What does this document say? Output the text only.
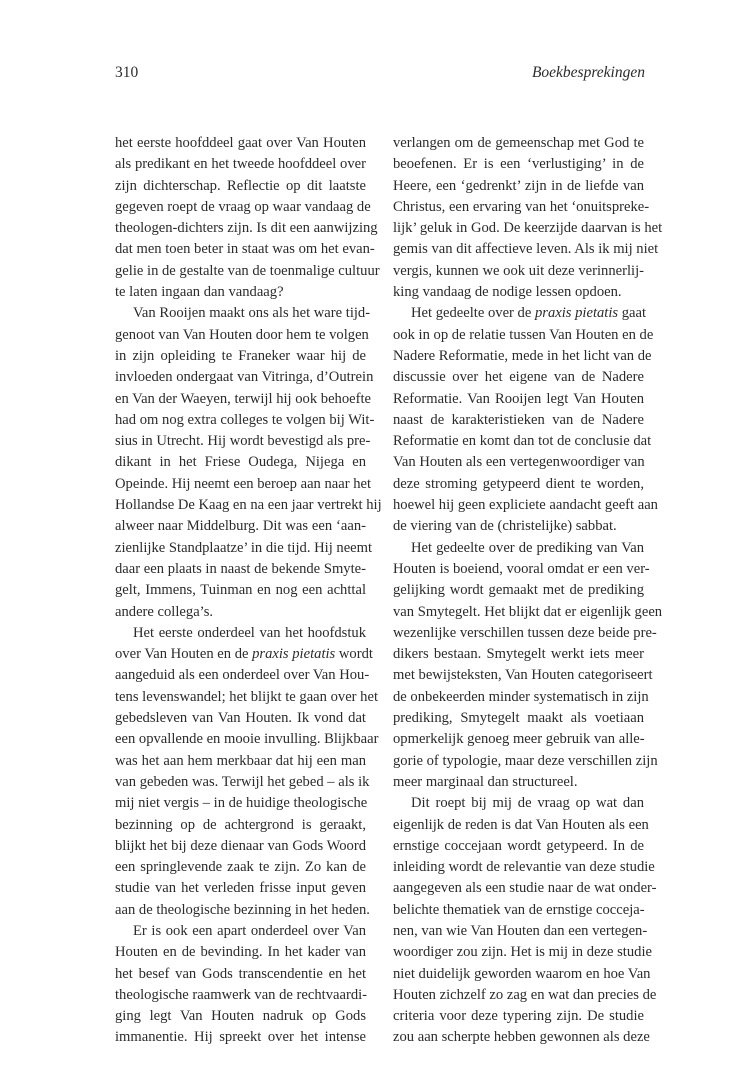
310	Boekbesprekingen
het eerste hoofddeel gaat over Van Houten
als predikant en het tweede hoofddeel over
zijn dichterschap. Reflectie op dit laatste
gegeven roept de vraag op waar vandaag de
theologen-dichters zijn. Is dit een aanwijzing
dat men toen beter in staat was om het evan-
gelie in de gestalte van de toenmalige cultuur
te laten ingaan dan vandaag?
Van Rooijen maakt ons als het ware tijd-
genoot van Van Houten door hem te volgen
in zijn opleiding te Franeker waar hij de
invloeden ondergaat van Vitringa, d’Outrein
en Van der Waeyen, terwijl hij ook behoefte
had om nog extra colleges te volgen bij Wit-
sius in Utrecht. Hij wordt bevestigd als pre-
dikant in het Friese Oudega, Nijega en
Opeinde. Hij neemt een beroep aan naar het
Hollandse De Kaag en na een jaar vertrekt hij
alweer naar Middelburg. Dit was een ‘aan-
zienlijke Standplaatze’ in die tijd. Hij neemt
daar een plaats in naast de bekende Smyte-
gelt, Immens, Tuinman en nog een achttal
andere collega’s.
Het eerste onderdeel van het hoofdstuk
over Van Houten en de praxis pietatis wordt
aangeduid als een onderdeel over Van Hou-
tens levenswandel; het blijkt te gaan over het
gebedsleven van Van Houten. Ik vond dat
een opvallende en mooie invulling. Blijkbaar
was het aan hem merkbaar dat hij een man
van gebeden was. Terwijl het gebed – als ik
mij niet vergis – in de huidige theologische
bezinning op de achtergrond is geraakt,
blijkt het bij deze dienaar van Gods Woord
een springlevende zaak te zijn. Zo kan de
studie van het verleden frisse input geven
aan de theologische bezinning in het heden.
Er is ook een apart onderdeel over Van
Houten en de bevinding. In het kader van
het besef van Gods transcendentie en het
theologische raamwerk van de rechtvaardi-
ging legt Van Houten nadruk op Gods
immanentie. Hij spreekt over het intense
verlangen om de gemeenschap met God te
beoefenen. Er is een ‘verlustiging’ in de
Heere, een ‘gedrenkt’ zijn in de liefde van
Christus, een ervaring van het ‘onuitspreke-
lijk’ geluk in God. De keerzijde daarvan is het
gemis van dit affectieve leven. Als ik mij niet
vergis, kunnen we ook uit deze verinnerlij-
king vandaag de nodige lessen opdoen.
Het gedeelte over de praxis pietatis gaat
ook in op de relatie tussen Van Houten en de
Nadere Reformatie, mede in het licht van de
discussie over het eigene van de Nadere
Reformatie. Van Rooijen legt Van Houten
naast de karakteristieken van de Nadere
Reformatie en komt dan tot de conclusie dat
Van Houten als een vertegenwoordiger van
deze stroming getypeerd dient te worden,
hoewel hij geen expliciete aandacht geeft aan
de viering van de (christelijke) sabbat.
Het gedeelte over de prediking van Van
Houten is boeiend, vooral omdat er een ver-
gelijking wordt gemaakt met de prediking
van Smytegelt. Het blijkt dat er eigenlijk geen
wezenlijke verschillen tussen deze beide pre-
dikers bestaan. Smytegelt werkt iets meer
met bewijsteksten, Van Houten categoriseert
de onbekeerden minder systematisch in zijn
prediking, Smytegelt maakt als voetiaan
opmerkelijk genoeg meer gebruik van alle-
gorie of typologie, maar deze verschillen zijn
meer marginaal dan structureel.
Dit roept bij mij de vraag op wat dan
eigenlijk de reden is dat Van Houten als een
ernstige coccejaan wordt getypeerd. In de
inleiding wordt de relevantie van deze studie
aangegeven als een studie naar de wat onder-
belichte thematiek van de ernstige cocceja-
nen, van wie Van Houten dan een vertegen-
woordiger zou zijn. Het is mij in deze studie
niet duidelijk geworden waarom en hoe Van
Houten zichzelf zo zag en wat dan precies de
criteria voor deze typering zijn. De studie
zou aan scherpte hebben gewonnen als deze
